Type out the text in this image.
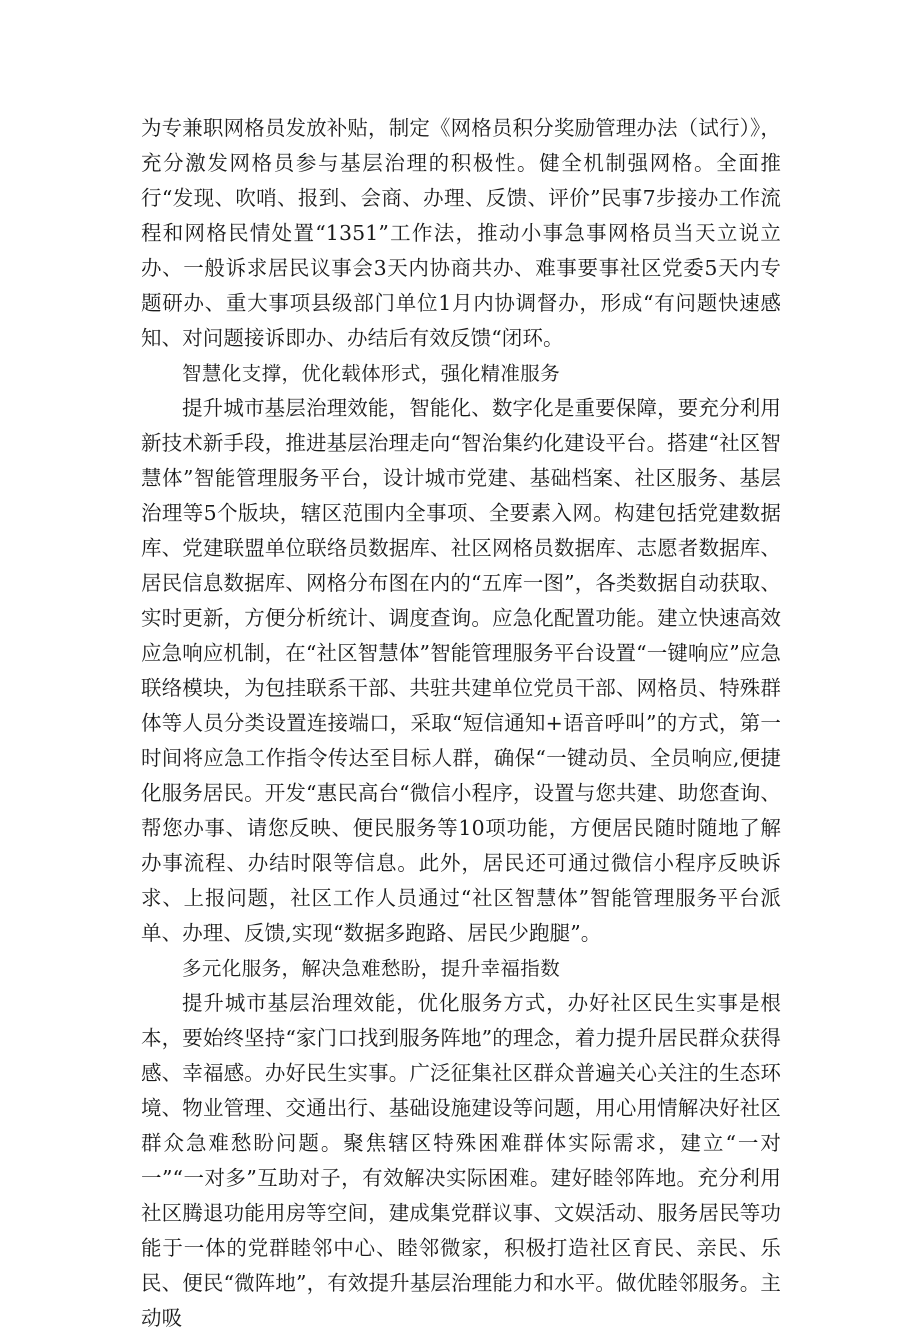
为专兼职网格员发放补贴，制定《网格员积分奖励管理办法（试行）》，充分激发网格员参与基层治理的积极性。健全机制强网格。全面推行“发现、吹哨、报到、会商、办理、反馈、评价”民事7步接办工作流程和网格民情处置“1351”工作法，推动小事急事网格员当天立说立办、一般诉求居民议事会3天内协商共办、难事要事社区党委5天内专题研办、重大事项县级部门单位1月内协调督办，形成“有问题快速感知、对问题接诉即办、办结后有效反馈“闭环。

智慧化支撑，优化载体形式，强化精准服务

提升城市基层治理效能，智能化、数字化是重要保障，要充分利用新技术新手段，推进基层治理走向“智治集约化建设平台。搭建“社区智慧体”智能管理服务平台，设计城市党建、基础档案、社区服务、基层治理等5个版块，辖区范围内全事项、全要素入网。构建包括党建数据库、党建联盟单位联络员数据库、社区网格员数据库、志愿者数据库、居民信息数据库、网格分布图在内的“五库一图”，各类数据自动获取、实时更新，方便分析统计、调度查询。应急化配置功能。建立快速高效应急响应机制，在“社区智慧体”智能管理服务平台设置“一键响应”应急联络模块，为包挂联系干部、共驻共建单位党员干部、网格员、特殊群体等人员分类设置连接端口，采取“短信通知+语音呼叫”的方式，第一时间将应急工作指令传达至目标人群，确保“一键动员、全员响应,便捷化服务居民。开发“惠民高台“微信小程序，设置与您共建、助您查询、帮您办事、请您反映、便民服务等10项功能，方便居民随时随地了解办事流程、办结时限等信息。此外，居民还可通过微信小程序反映诉求、上报问题，社区工作人员通过“社区智慧体”智能管理服务平台派单、办理、反馈,实现“数据多跑路、居民少跑腿”。

多元化服务，解决急难愁盼，提升幸福指数

提升城市基层治理效能，优化服务方式，办好社区民生实事是根本，要始终坚持“家门口找到服务阵地”的理念，着力提升居民群众获得感、幸福感。办好民生实事。广泛征集社区群众普遍关心关注的生态环境、物业管理、交通出行、基础设施建设等问题，用心用情解决好社区群众急难愁盼问题。聚焦辖区特殊困难群体实际需求，建立“一对一”“一对多”互助对子，有效解决实际困难。建好睦邻阵地。充分利用社区腾退功能用房等空间，建成集党群议事、文娱活动、服务居民等功能于一体的党群睦邻中心、睦邻微家，积极打造社区育民、亲民、乐民、便民“微阵地”，有效提升基层治理能力和水平。做优睦邻服务。主动吸
